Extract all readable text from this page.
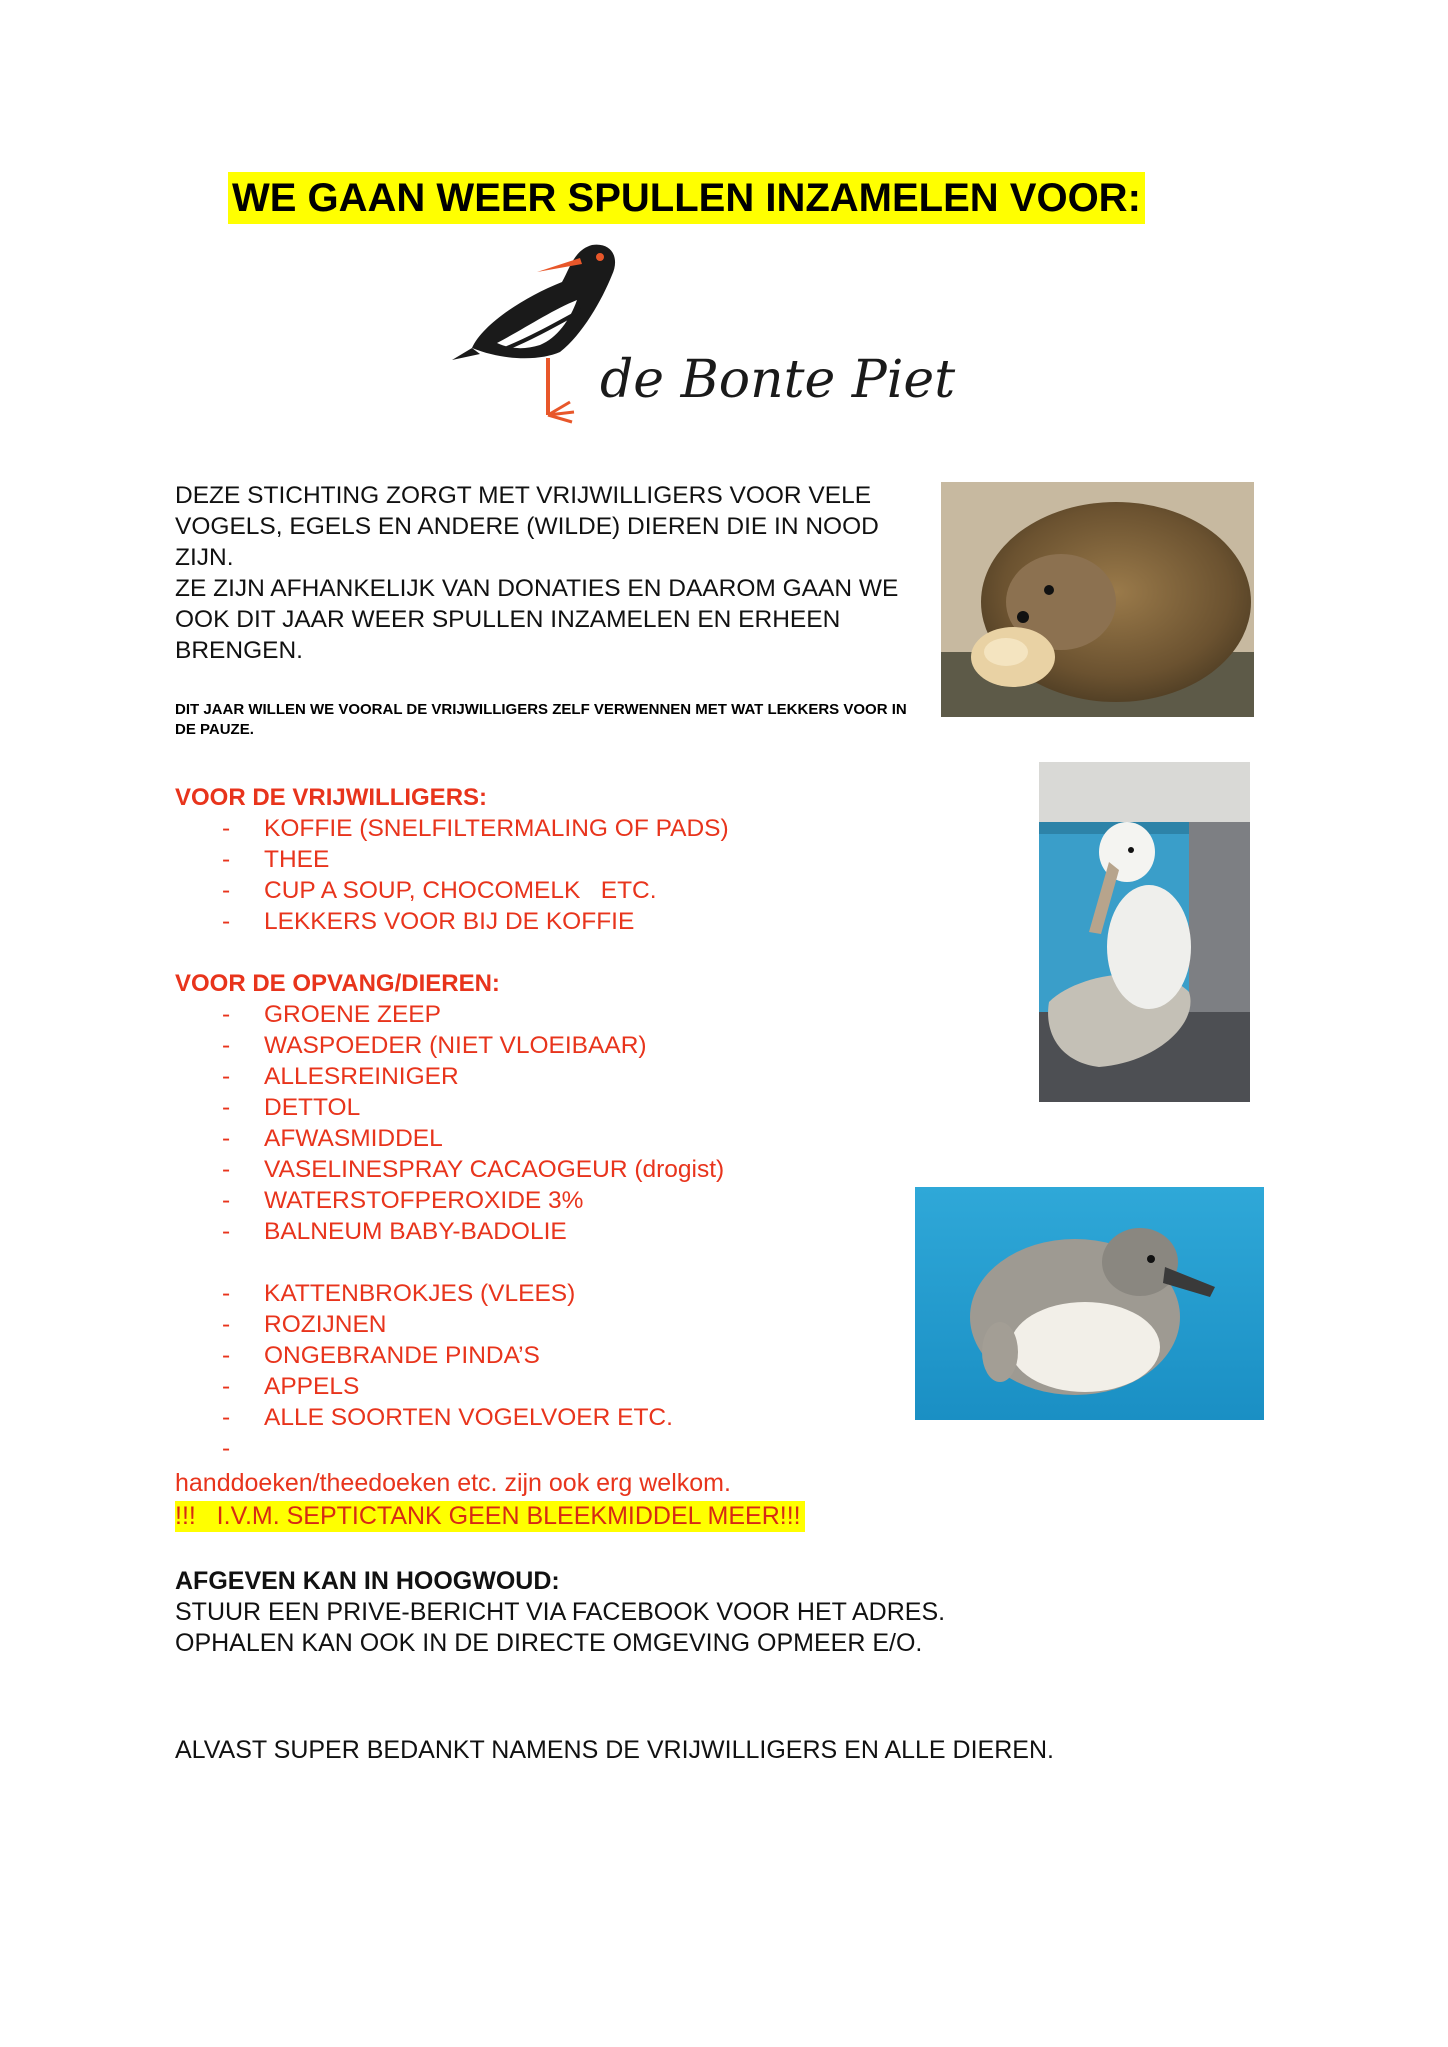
WE GAAN WEER SPULLEN INZAMELEN VOOR:
de Bonte Piet

DEZE STICHTING ZORGT MET VRIJWILLIGERS VOOR VELE VOGELS, EGELS EN ANDERE (WILDE) DIEREN DIE IN NOOD ZIJN.

ZE ZIJN AFHANKELIJK VAN DONATIES EN DAAROM GAAN WE OOK DIT JAAR WEER SPULLEN INZAMELEN EN ERHEEN BRENGEN.

DIT JAAR WILLEN WE VOORAL DE VRIJWILLIGERS ZELF VERWENNEN MET WAT LEKKERS VOOR IN DE PAUZE.
VOOR DE VRIJWILLIGERS:
- KOFFIE (SNELFILTERMALING OF PADS)
- THEE
- CUP A SOUP, CHOCOMELK   ETC.
- LEKKERS VOOR BIJ DE KOFFIE
VOOR DE OPVANG/DIEREN:
- GROENE ZEEP
- WASPOEDER (NIET VLOEIBAAR)
- ALLESREINIGER
- DETTOL
- AFWASMIDDEL
- VASELINESPRAY CACAOGEUR (drogist)
- WATERSTOFPEROXIDE 3%
- BALNEUM BABY-BADOLIE
- KATTENBROKJES (VLEES)
- ROZIJNEN
- ONGEBRANDE PINDA’S
- APPELS
- ALLE SOORTEN VOGELVOER ETC.
-
handdoeken/theedoeken etc. zijn ook erg welkom.
!!!   I.V.M. SEPTICTANK GEEN BLEEKMIDDEL MEER!!!
AFGEVEN KAN IN HOOGWOUD:
STUUR EEN PRIVE-BERICHT VIA FACEBOOK VOOR HET ADRES.
OPHALEN KAN OOK IN DE DIRECTE OMGEVING OPMEER E/O.
ALVAST SUPER BEDANKT NAMENS DE VRIJWILLIGERS EN ALLE DIEREN.
